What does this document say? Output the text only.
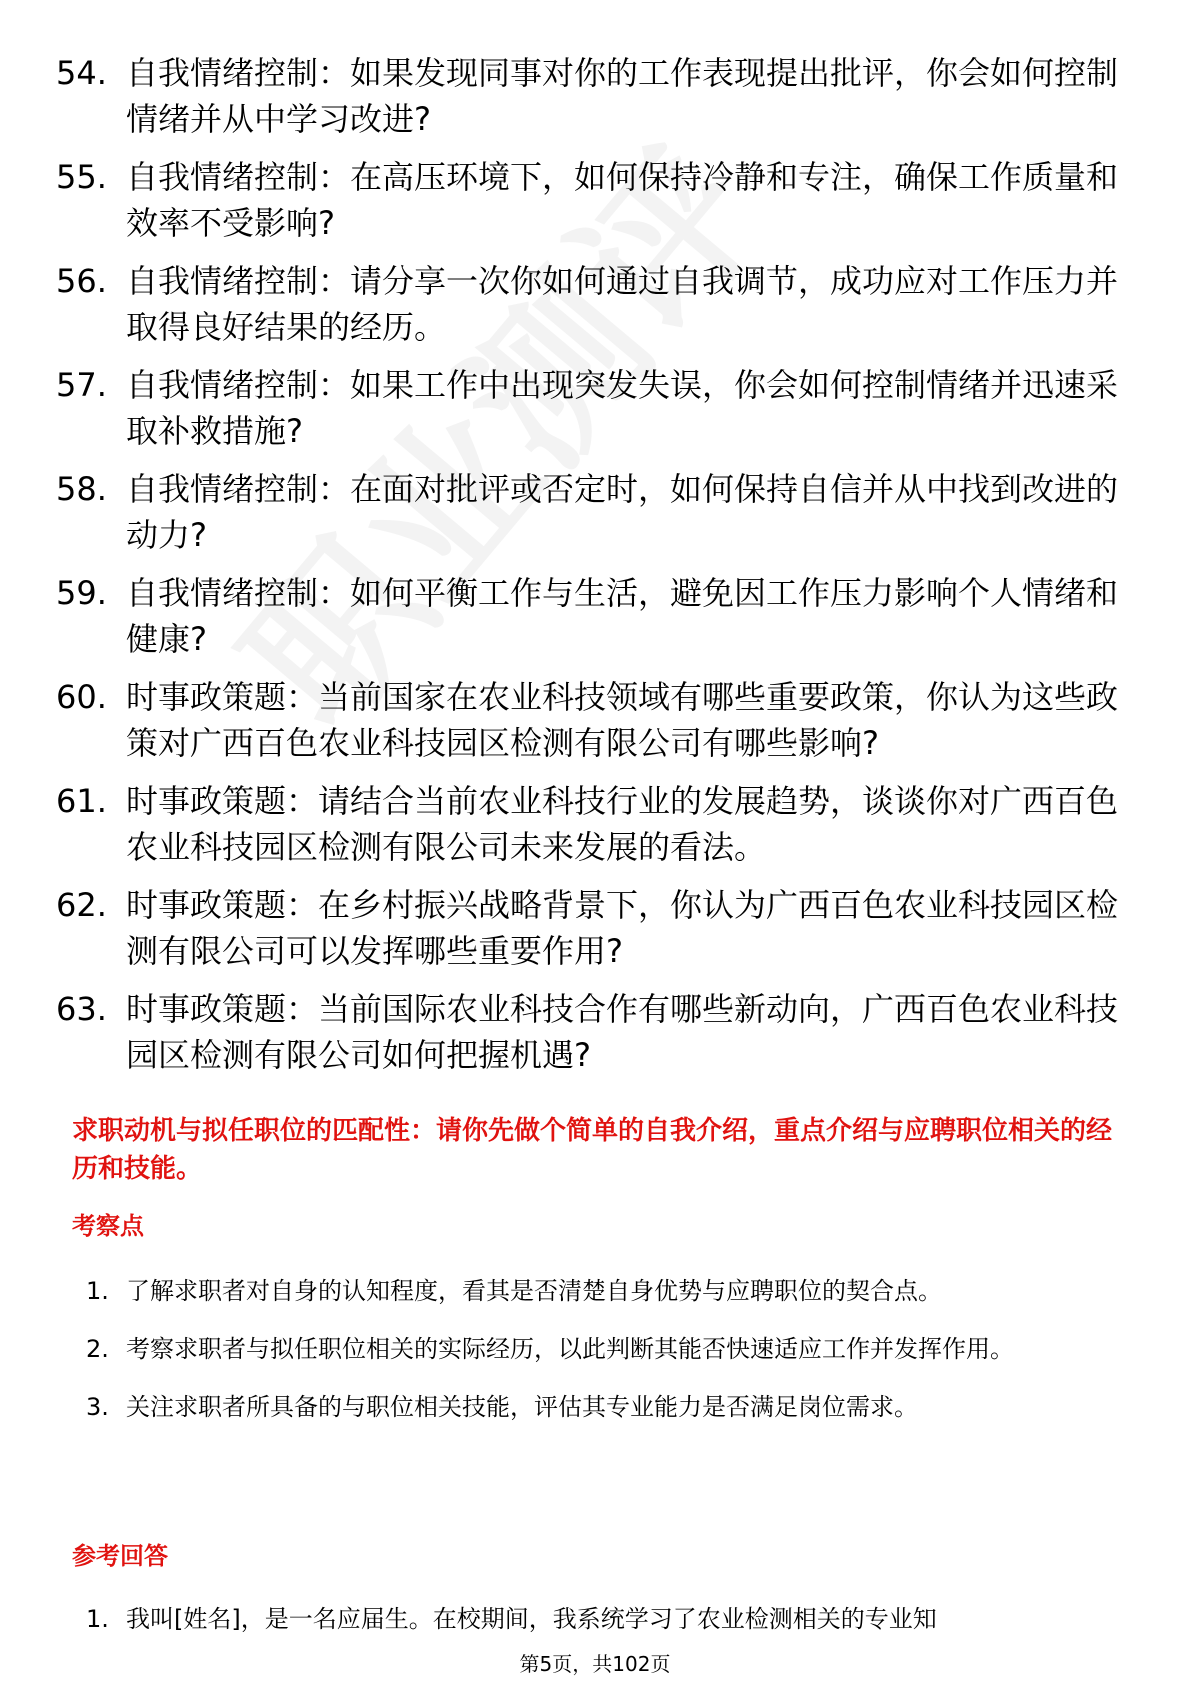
54. 自我情绪控制：如果发现同事对你的工作表现提出批评，你会如何控制情绪并从中学习改进?
55. 自我情绪控制：在高压环境下，如何保持冷静和专注，确保工作质量和效率不受影响?
56. 自我情绪控制：请分享一次你如何通过自我调节，成功应对工作压力并取得良好结果的经历。
57. 自我情绪控制：如果工作中出现突发失误，你会如何控制情绪并迅速采取补救措施?
58. 自我情绪控制：在面对批评或否定时，如何保持自信并从中找到改进的动力?
59. 自我情绪控制：如何平衡工作与生活，避免因工作压力影响个人情绪和健康?
60. 时事政策题：当前国家在农业科技领域有哪些重要政策，你认为这些政策对广西百色农业科技园区检测有限公司有哪些影响?
61. 时事政策题：请结合当前农业科技行业的发展趋势，谈谈你对广西百色农业科技园区检测有限公司未来发展的看法。
62. 时事政策题：在乡村振兴战略背景下，你认为广西百色农业科技园区检测有限公司可以发挥哪些重要作用?
63. 时事政策题：当前国际农业科技合作有哪些新动向，广西百色农业科技园区检测有限公司如何把握机遇?
求职动机与拟任职位的匹配性：请你先做个简单的自我介绍，重点介绍与应聘职位相关的经历和技能。
考察点
1. 了解求职者对自身的认知程度，看其是否清楚自身优势与应聘职位的契合点。
2. 考察求职者与拟任职位相关的实际经历，以此判断其能否快速适应工作并发挥作用。
3. 关注求职者所具备的与职位相关技能，评估其专业能力是否满足岗位需求。
参考回答
1. 我叫[姓名]，是一名应届生。在校期间，我系统学习了农业检测相关的专业知
第5页，共102页
